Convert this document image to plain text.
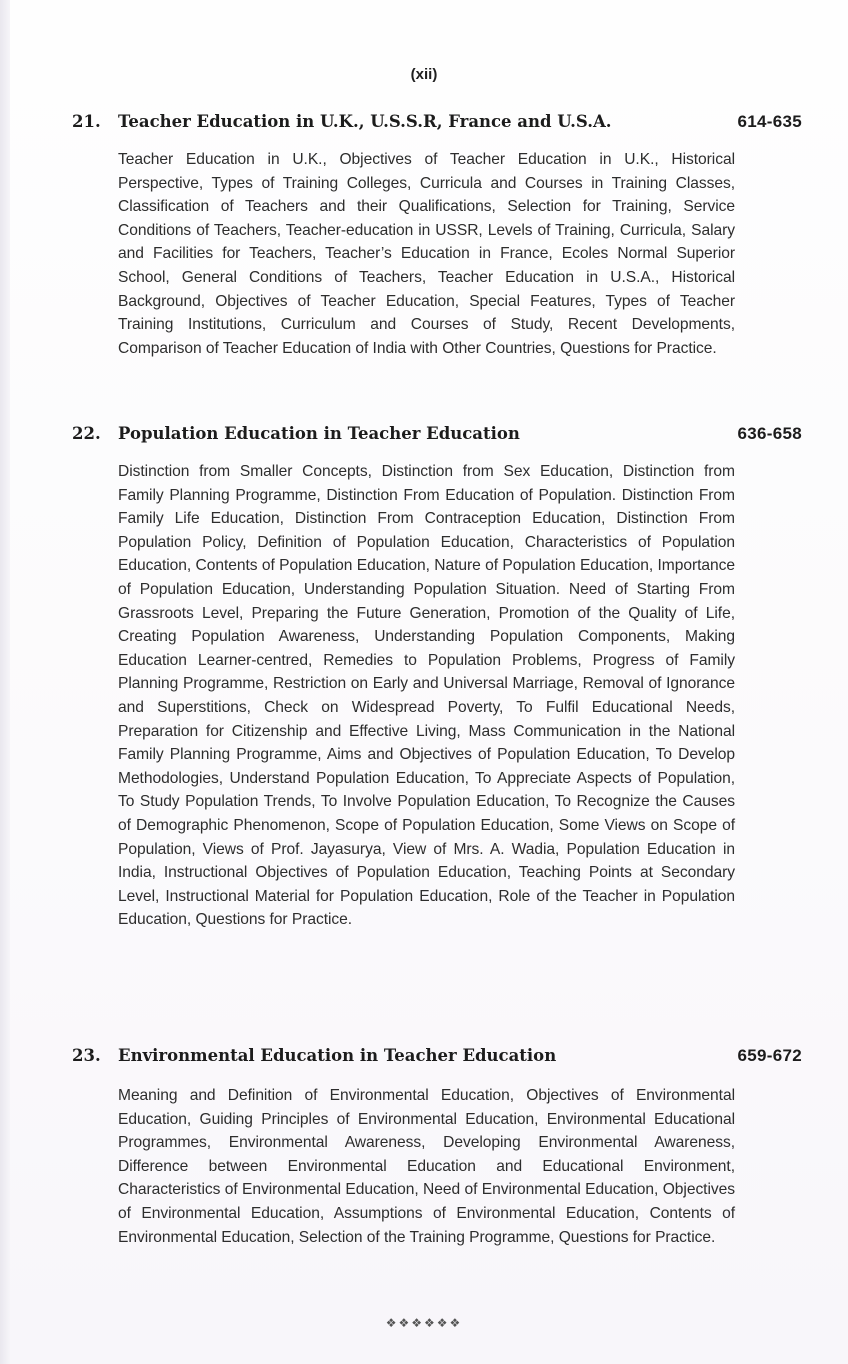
(xii)
21.	Teacher Education in U.K., U.S.S.R, France and U.S.A.	614-635
Teacher Education in U.K., Objectives of Teacher Education in U.K., Historical Perspective, Types of Training Colleges, Curricula and Courses in Training Classes, Classification of Teachers and their Qualifications, Selection for Training, Service Conditions of Teachers, Teacher-education in USSR, Levels of Training, Curricula, Salary and Facilities for Teachers, Teacher’s Education in France, Ecoles Normal Superior School, General Conditions of Teachers, Teacher Education in U.S.A., Historical Background, Objectives of Teacher Education, Special Features, Types of Teacher Training Institutions, Curriculum and Courses of Study, Recent Developments, Comparison of Teacher Education of India with Other Countries, Questions for Practice.
22.	Population Education in Teacher Education	636-658
Distinction from Smaller Concepts, Distinction from Sex Education, Distinction from Family Planning Programme, Distinction From Education of Population. Distinction From Family Life Education, Distinction From Contraception Education, Distinction From Population Policy, Definition of Population Education, Characteristics of Population Education, Contents of Population Education, Nature of Population Education, Importance of Population Education, Understanding Population Situation. Need of Starting From Grassroots Level, Preparing the Future Generation, Promotion of the Quality of Life, Creating Population Awareness, Understanding Population Components, Making Education Learner-centred, Remedies to Population Problems, Progress of Family Planning Programme, Restriction on Early and Universal Marriage, Removal of Ignorance and Superstitions, Check on Widespread Poverty, To Fulfil Educational Needs, Preparation for Citizenship and Effective Living, Mass Communication in the National Family Planning Programme, Aims and Objectives of Population Education, To Develop Methodologies, Understand Population Education, To Appreciate Aspects of Population, To Study Population Trends, To Involve Population Education, To Recognize the Causes of Demographic Phenomenon, Scope of Population Education, Some Views on Scope of Population, Views of Prof. Jayasurya, View of Mrs. A. Wadia, Population Education in India, Instructional Objectives of Population Education, Teaching Points at Secondary Level, Instructional Material for Population Education, Role of the Teacher in Population Education, Questions for Practice.
23.	Environmental Education in Teacher Education	659-672
Meaning and Definition of Environmental Education, Objectives of Environmental Education, Guiding Principles of Environmental Education, Environmental Educational Programmes, Environmental Awareness, Developing Environmental Awareness, Difference between Environmental Education and Educational Environment, Characteristics of Environmental Education, Need of Environmental Education, Objectives of Environmental Education, Assumptions of Environmental Education, Contents of Environmental Education, Selection of the Training Programme, Questions for Practice.
❖❖❖❖❖❖
